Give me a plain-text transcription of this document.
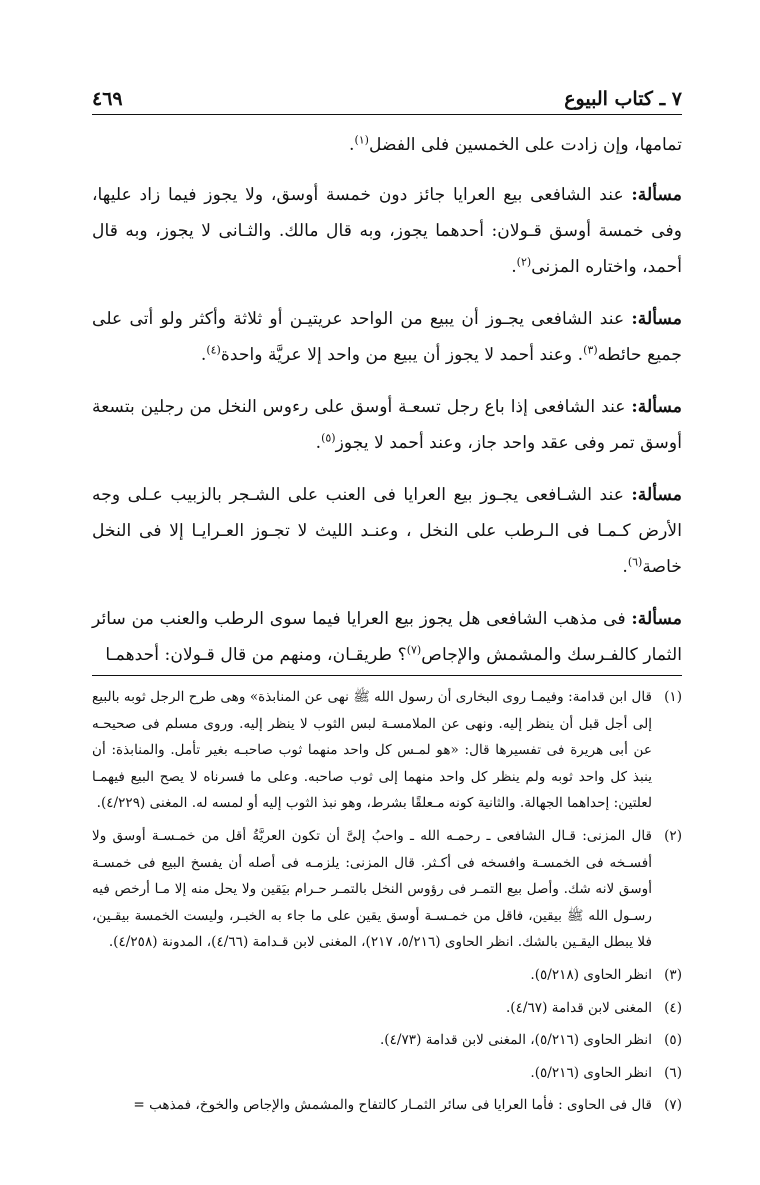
٧ ـ كتاب البيوع
٤٦٩

تمامها، وإن زادت على الخمسين فلى الفضل$^{(١)}$.

مسألة: عند الشافعى بيع العرايا جائز دون خمسة أوسق، ولا يجوز فيما زاد عليها، وفى خمسة أوسق قـولان: أحدهما يجوز، وبه قال مالك. والثـانى لا يجوز، وبه قال أحمد، واختاره المزنى$^{(٢)}$.

مسألة: عند الشافعى يجـوز أن يبيع من الواحد عريتيـن أو ثلاثة وأكثر ولو أتى على جميع حائطه$^{(٣)}$. وعند أحمد لا يجوز أن يبيع من واحد إلا عريَّة واحدة$^{(٤)}$.

مسألة: عند الشافعى إذا باع رجل تسعـة أوسق على رءوس النخل من رجلين بتسعة أوسق تمر وفى عقد واحد جاز، وعند أحمد لا يجوز$^{(٥)}$.

مسألة: عند الشـافعى يجـوز بيع العرايا فى العنب على الشـجر بالزبيب عـلى وجه الأرض كـمـا فى الـرطب على النخل ، وعنـد الليث لا تجـوز العـرايـا إلا فى النخل خاصة$^{(٦)}$.

مسألة: فى مذهب الشافعى هل يجوز بيع العرايا فيما سوى الرطب والعنب من سائر الثمار كالفـرسك والمشمش والإجاص$^{(٧)}$؟ طريقـان، ومنهم من قال قـولان: أحدهمـا

(١)
قال ابن قدامة: وفيمـا روى البخارى أن رسول الله ﷺ نهى عن المنابذة» وهى طرح الرجل ثوبه بالبيع إلى أجل قبل أن ينظر إليه. ونهى عن الملامسـة لبس الثوب لا ينظر إليه. وروى مسلم فى صحيحـه عن أبى هريرة فى تفسيرها قال: «هو لمـس كل واحد منهما ثوب صاحبـه بغير تأمل. والمنابذة: أن ينبذ كل واحد ثوبه ولم ينظر كل واحد منهما إلى ثوب صاحبه. وعلى ما فسرناه لا يصح البيع فيهمـا لعلتين: إحداهما الجهالة. والثانية كونه مـعلقًا بشرط، وهو نبذ الثوب إليه أو لمسه له. المغنى (٤/٢٢٩).
(٢)
قال المزنى: قـال الشافعى ـ رحمـه الله ـ واحبُ إلىَّ أن تكون العريَّةُ أقل من خمـسـة أوسق ولا أفسـخه فى الخمسـة وافسخه فى أكـثر. قال المزنى: يلزمـه فى أصله أن يفسخ البيع فى خمسـة أوسق لانه شك. وأصل بيع التمـر فى رؤوس النخل بالتمـر حـرام بيَقين ولا يحل منه إلا مـا أرخص فيه رسـول الله ﷺ بيقين، فاقل من خمـسـة أوسق يقين على ما جاء به الخبـر، وليست الخمسة بيقـين، فلا يبطل اليقـين بالشك. انظر الحاوى (٥/٢١٦، ٢١٧)، المغنى لابن قـدامة (٤/٦٦)، المدونة (٤/٢٥٨).
(٣)
انظر الحاوى (٥/٢١٨).
(٤)
المغنى لابن قدامة (٤/٦٧).
(٥)
انظر الحاوى (٥/٢١٦)، المغنى لابن قدامة (٤/٧٣).
(٦)
انظر الحاوى (٥/٢١٦).
(٧)
قال فى الحاوى : فأما العرايا فى سائر الثمـار كالتفاح والمشمش والإجاص والخوخ، فمذهب =
